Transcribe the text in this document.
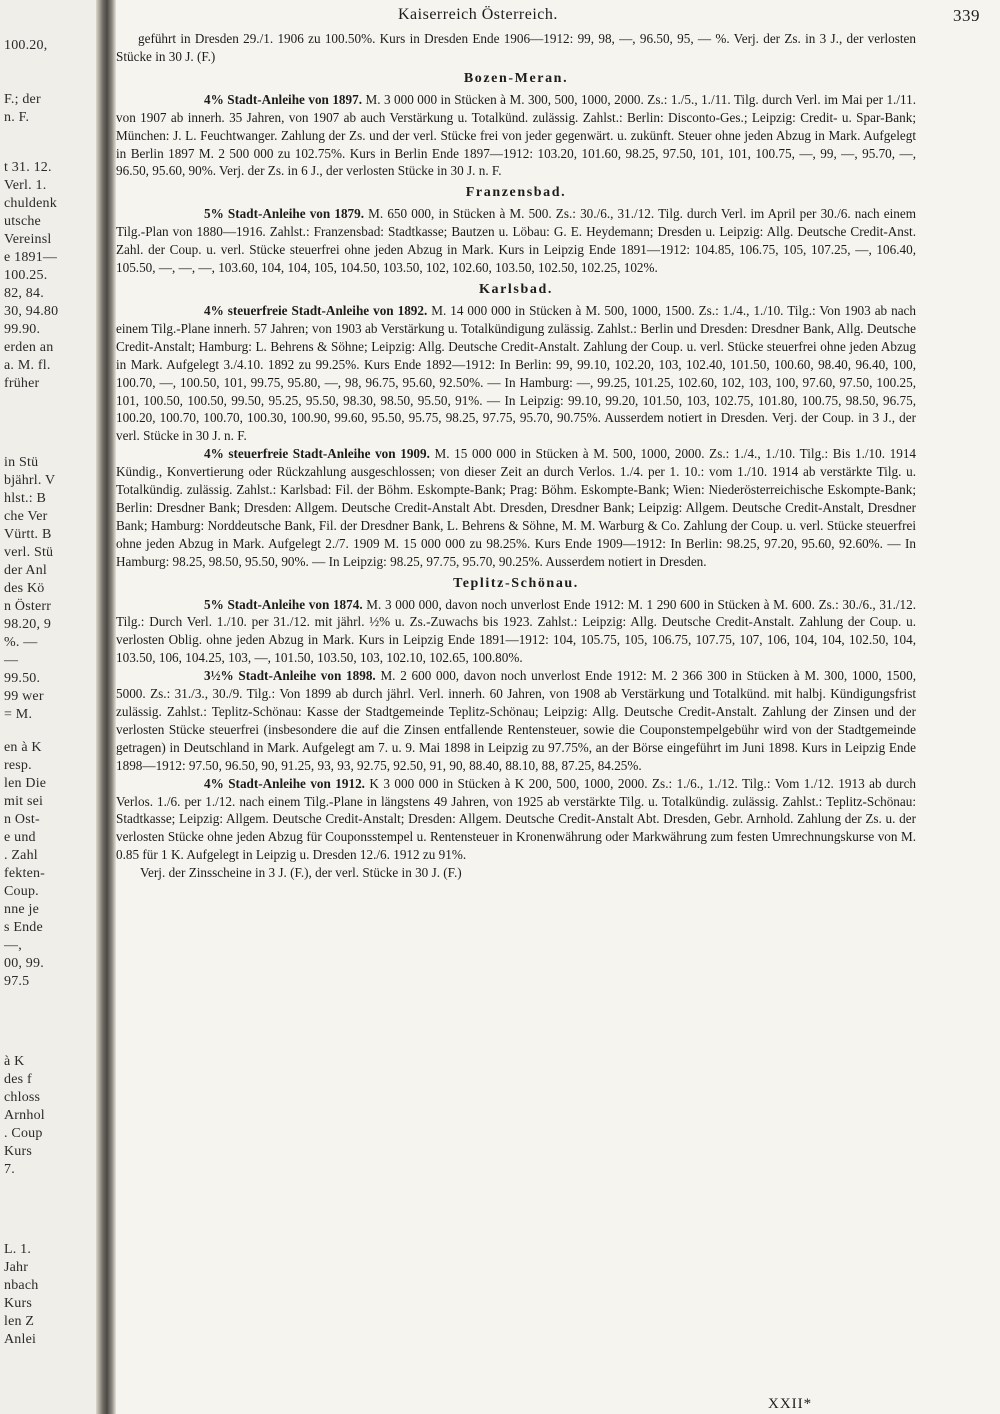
100.20,
F.; der
n. F.
t 31. 12.
Verl. 1.
chuldenk
utsche
Vereinsl
e 1891—
100.25.
82, 84.
30, 94.80
99.90.
erden an
a. M. fl.
früher
in Stü
bjährl. V
hlst.: B
che Ver
Vürtt. B
verl. Stü
der Anl
des Kö
n Österr
98.20, 9
%. —
—
99.50.
99 wer
= M.
en à K
resp.
len Die
mit sei
n Ost-
e und
. Zahl
fekten-
Coup.
nne je
s Ende
—,
00, 99.
97.5
à K
des f
chloss
Arnhol
. Coup
Kurs
7.
L. 1.
Jahr
nbach
Kurs
len Z
Anlei
Kaiserreich Österreich.	339

geführt in Dresden 29./1. 1906 zu 100.50%. Kurs in Dresden Ende 1906—1912: 99, 98, —, 96.50, 95, — %. Verj. der Zs. in 3 J., der verlosten Stücke in 30 J. (F.)

Bozen-Meran.

4% Stadt-Anleihe von 1897. M. 3 000 000 in Stücken à M. 300, 500, 1000, 2000. Zs.: 1./5., 1./11. Tilg. durch Verl. im Mai per 1./11. von 1907 ab innerh. 35 Jahren, von 1907 ab auch Verstärkung u. Totalkünd. zulässig. Zahlst.: Berlin: Disconto-Ges.; Leipzig: Credit- u. Spar-Bank; München: J. L. Feuchtwanger. Zahlung der Zs. und der verl. Stücke frei von jeder gegenwärt. u. zukünft. Steuer ohne jeden Abzug in Mark. Aufgelegt in Berlin 1897 M. 2 500 000 zu 102.75%. Kurs in Berlin Ende 1897—1912: 103.20, 101.60, 98.25, 97.50, 101, 101, 100.75, —, 99, —, 95.70, —, 96.50, 95.60, 90%. Verj. der Zs. in 6 J., der verlosten Stücke in 30 J. n. F.

Franzensbad.

5% Stadt-Anleihe von 1879. M. 650 000, in Stücken à M. 500. Zs.: 30./6., 31./12. Tilg. durch Verl. im April per 30./6. nach einem Tilg.-Plan von 1880—1916. Zahlst.: Franzensbad: Stadtkasse; Bautzen u. Löbau: G. E. Heydemann; Dresden u. Leipzig: Allg. Deutsche Credit-Anst. Zahl. der Coup. u. verl. Stücke steuerfrei ohne jeden Abzug in Mark. Kurs in Leipzig Ende 1891—1912: 104.85, 106.75, 105, 107.25, —, 106.40, 105.50, —, —, —, 103.60, 104, 104, 105, 104.50, 103.50, 102, 102.60, 103.50, 102.50, 102.25, 102%.

Karlsbad.

4% steuerfreie Stadt-Anleihe von 1892. M. 14 000 000 in Stücken à M. 500, 1000, 1500. Zs.: 1./4., 1./10. Tilg.: Von 1903 ab nach einem Tilg.-Plane innerh. 57 Jahren; von 1903 ab Verstärkung u. Totalkündigung zulässig. Zahlst.: Berlin und Dresden: Dresdner Bank, Allg. Deutsche Credit-Anstalt; Hamburg: L. Behrens & Söhne; Leipzig: Allg. Deutsche Credit-Anstalt. Zahlung der Coup. u. verl. Stücke steuerfrei ohne jeden Abzug in Mark. Aufgelegt 3./4.10. 1892 zu 99.25%. Kurs Ende 1892—1912: In Berlin: 99, 99.10, 102.20, 103, 102.40, 101.50, 100.60, 98.40, 96.40, 100, 100.70, —, 100.50, 101, 99.75, 95.80, —, 98, 96.75, 95.60, 92.50%. — In Hamburg: —, 99.25, 101.25, 102.60, 102, 103, 100, 97.60, 97.50, 100.25, 101, 100.50, 100.50, 99.50, 95.25, 95.50, 98.30, 98.50, 95.50, 91%. — In Leipzig: 99.10, 99.20, 101.50, 103, 102.75, 101.80, 100.75, 98.50, 96.75, 100.20, 100.70, 100.70, 100.30, 100.90, 99.60, 95.50, 95.75, 98.25, 97.75, 95.70, 90.75%. Ausserdem notiert in Dresden. Verj. der Coup. in 3 J., der verl. Stücke in 30 J. n. F.

4% steuerfreie Stadt-Anleihe von 1909. M. 15 000 000 in Stücken à M. 500, 1000, 2000. Zs.: 1./4., 1./10. Tilg.: Bis 1./10. 1914 Kündig., Konvertierung oder Rückzahlung ausgeschlossen; von dieser Zeit an durch Verlos. 1./4. per 1. 10.: vom 1./10. 1914 ab verstärkte Tilg. u. Totalkündig. zulässig. Zahlst.: Karlsbad: Fil. der Böhm. Eskompte-Bank; Prag: Böhm. Eskompte-Bank; Wien: Niederösterreichische Eskompte-Bank; Berlin: Dresdner Bank; Dresden: Allgem. Deutsche Credit-Anstalt Abt. Dresden, Dresdner Bank; Leipzig: Allgem. Deutsche Credit-Anstalt, Dresdner Bank; Hamburg: Norddeutsche Bank, Fil. der Dresdner Bank, L. Behrens & Söhne, M. M. Warburg & Co. Zahlung der Coup. u. verl. Stücke steuerfrei ohne jeden Abzug in Mark. Aufgelegt 2./7. 1909 M. 15 000 000 zu 98.25%. Kurs Ende 1909—1912: In Berlin: 98.25, 97.20, 95.60, 92.60%. — In Hamburg: 98.25, 98.50, 95.50, 90%. — In Leipzig: 98.25, 97.75, 95.70, 90.25%. Ausserdem notiert in Dresden.

Teplitz-Schönau.

5% Stadt-Anleihe von 1874. M. 3 000 000, davon noch unverlost Ende 1912: M. 1 290 600 in Stücken à M. 600. Zs.: 30./6., 31./12. Tilg.: Durch Verl. 1./10. per 31./12. mit jährl. ½% u. Zs.-Zuwachs bis 1923. Zahlst.: Leipzig: Allg. Deutsche Credit-Anstalt. Zahlung der Coup. u. verlosten Oblig. ohne jeden Abzug in Mark. Kurs in Leipzig Ende 1891—1912: 104, 105.75, 105, 106.75, 107.75, 107, 106, 104, 104, 102.50, 104, 103.50, 106, 104.25, 103, —, 101.50, 103.50, 103, 102.10, 102.65, 100.80%.

3½% Stadt-Anleihe von 1898. M. 2 600 000, davon noch unverlost Ende 1912: M. 2 366 300 in Stücken à M. 300, 1000, 1500, 5000. Zs.: 31./3., 30./9. Tilg.: Von 1899 ab durch jährl. Verl. innerh. 60 Jahren, von 1908 ab Verstärkung und Totalkünd. mit halbj. Kündigungsfrist zulässig. Zahlst.: Teplitz-Schönau: Kasse der Stadtgemeinde Teplitz-Schönau; Leipzig: Allg. Deutsche Credit-Anstalt. Zahlung der Zinsen und der verlosten Stücke steuerfrei (insbesondere die auf die Zinsen entfallende Rentensteuer, sowie die Couponstempelgebühr wird von der Stadtgemeinde getragen) in Deutschland in Mark. Aufgelegt am 7. u. 9. Mai 1898 in Leipzig zu 97.75%, an der Börse eingeführt im Juni 1898. Kurs in Leipzig Ende 1898—1912: 97.50, 96.50, 90, 91.25, 93, 93, 92.75, 92.50, 91, 90, 88.40, 88.10, 88, 87.25, 84.25%.

4% Stadt-Anleihe von 1912. K 3 000 000 in Stücken à K 200, 500, 1000, 2000. Zs.: 1./6., 1./12. Tilg.: Vom 1./12. 1913 ab durch Verlos. 1./6. per 1./12. nach einem Tilg.-Plane in längstens 49 Jahren, von 1925 ab verstärkte Tilg. u. Totalkündig. zulässig. Zahlst.: Teplitz-Schönau: Stadtkasse; Leipzig: Allgem. Deutsche Credit-Anstalt; Dresden: Allgem. Deutsche Credit-Anstalt Abt. Dresden, Gebr. Arnhold. Zahlung der Zs. u. der verlosten Stücke ohne jeden Abzug für Couponsstempel u. Rentensteuer in Kronenwährung oder Markwährung zum festen Umrechnungskurse von M. 0.85 für 1 K. Aufgelegt in Leipzig u. Dresden 12./6. 1912 zu 91%.

Verj. der Zinsscheine in 3 J. (F.), der verl. Stücke in 30 J. (F.)

XXII*
